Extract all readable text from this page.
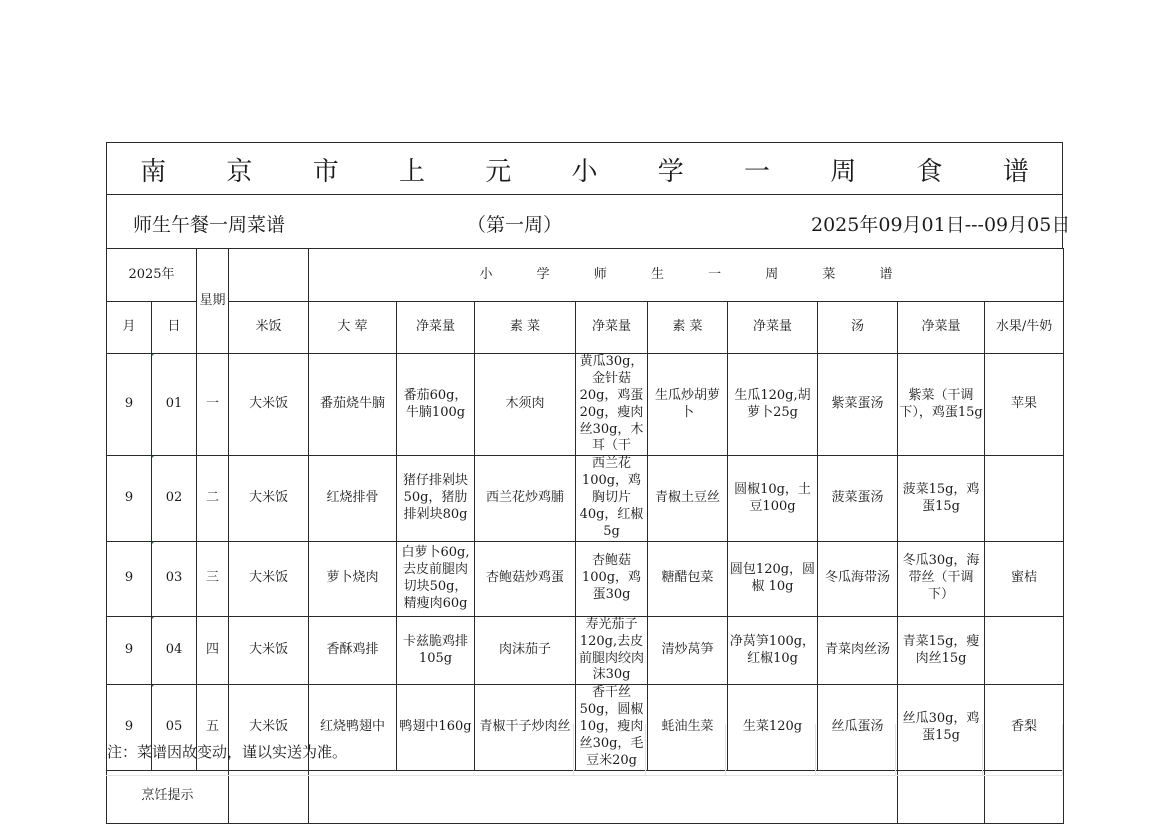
南 京 市 上 元 小 学 一 周 食 谱
师生午餐一周菜谱	（第一周）	2025年09月01日---09月05日
2025年		星期		小 学 师 生 一 周 菜 谱								
月	日		米饭	大 荤	净菜量	素 菜	净菜量	素 菜	净菜量	汤	净菜量	水果/牛奶
9	01	一	大米饭	番茄烧牛腩	番茄60g，牛腩100g	木须肉	黄瓜30g，金针菇20g，鸡蛋20g，瘦肉丝30g，木耳（干	生瓜炒胡萝卜	生瓜120g,胡萝卜25g	紫菜蛋汤	紫菜（干调下），鸡蛋15g	苹果
9	02	二	大米饭	红烧排骨	猪仔排剁块50g，猪肋排剁块80g	西兰花炒鸡脯	西兰花100g，鸡胸切片40g，红椒5g	青椒土豆丝	圆椒10g，土豆100g	菠菜蛋汤	菠菜15g，鸡蛋15g	
9	03	三	大米饭	萝卜烧肉	白萝卜60g,去皮前腿肉切块50g，精瘦肉60g	杏鲍菇炒鸡蛋	杏鲍菇100g，鸡蛋30g	糖醋包菜	圆包120g，圆椒 10g	冬瓜海带汤	冬瓜30g，海带丝（干调下）	蜜桔
9	04	四	大米饭	香酥鸡排	卡兹脆鸡排105g	肉沫茄子	寿光茄子120g,去皮前腿肉绞肉沫30g	清炒莴笋	净莴笋100g，红椒10g	青菜肉丝汤	青菜15g，瘦肉丝15g	
9	05	五	大米饭	红烧鸭翅中	鸭翅中160g	青椒干子炒肉丝	香干丝50g，圆椒10g，瘦肉丝30g，毛豆米20g	蚝油生菜	生菜120g	丝瓜蛋汤	丝瓜30g，鸡蛋15g	香梨
烹饪提示												
注：菜谱因故变动，谨以实送为准。
